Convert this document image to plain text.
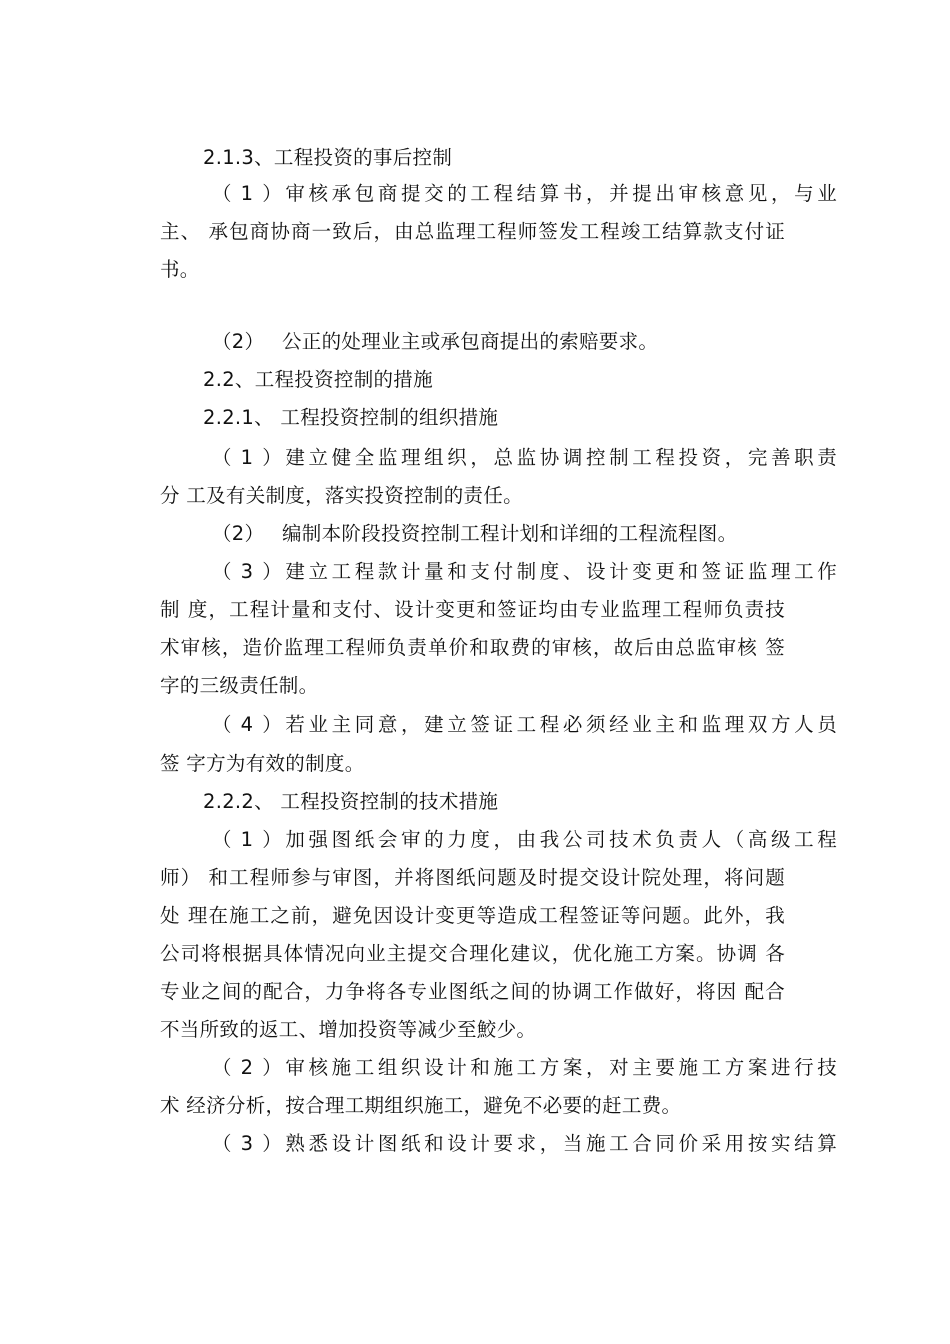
2.1.3、工程投资的事后控制
（1）审核承包商提交的工程结算书，并提出审核意见，与业
主、 承包商协商一致后，由总监理工程师签发工程竣工结算款支付证
书。
（2） 公正的处理业主或承包商提出的索赔要求。
2.2、工程投资控制的措施
2.2.1、 工程投资控制的组织措施
（1）建立健全监理组织，总监协调控制工程投资，完善职责
分 工及有关制度，落实投资控制的责任。
（2） 编制本阶段投资控制工程计划和详细的工程流程图。
（3）建立工程款计量和支付制度、设计变更和签证监理工作
制 度，工程计量和支付、设计变更和签证均由专业监理工程师负责技
术审核，造价监理工程师负责单价和取费的审核，故后由总监审核 签
字的三级责任制。
（4）若业主同意，建立签证工程必须经业主和监理双方人员
签 字方为有效的制度。
2.2.2、 工程投资控制的技术措施
（1）加强图纸会审的力度，由我公司技术负责人（高级工程
师） 和工程师参与审图，并将图纸问题及时提交设计院处理，将问题
处 理在施工之前，避免因设计变更等造成工程签证等问题。此外，我
公司将根据具体情况向业主提交合理化建议，优化施工方案。协调 各
专业之间的配合，力争将各专业图纸之间的协调工作做好，将因 配合
不当所致的返工、增加投资等减少至鮫少。
（2）审核施工组织设计和施工方案，对主要施工方案进行技
术 经济分析，按合理工期组织施工，避免不必要的赶工费。
（3）熟悉设计图纸和设计要求，当施工合同价采用按实结算
